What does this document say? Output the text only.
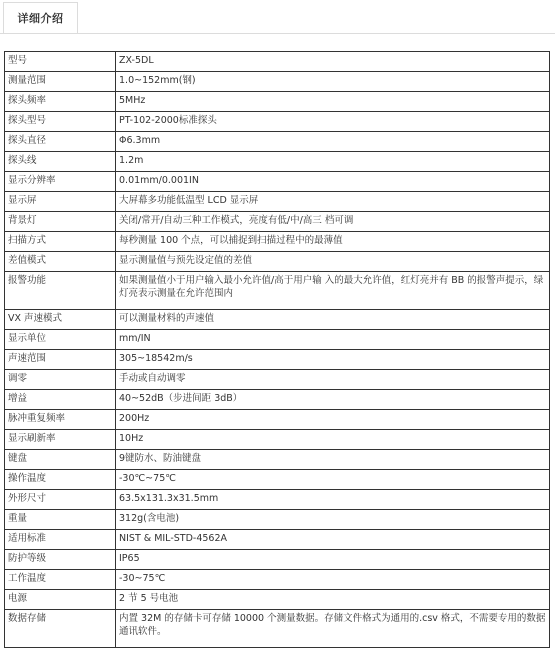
详细介绍
型号	ZX-5DL
测量范围	1.0~152mm(钢)
探头频率	5MHz
探头型号	PT-102-2000标准探头
探头直径	Φ6.3mm
探头线	1.2m
显示分辨率	0.01mm/0.001IN
显示屏	大屏幕多功能低温型 LCD 显示屏
背景灯	关闭/常开/自动三种工作模式，亮度有低/中/高三 档可调
扫描方式	每秒测量 100 个点，可以捕捉到扫描过程中的最薄值
差值模式	显示测量值与预先设定值的差值
报警功能	如果测量值小于用户输入最小允许值/高于用户输 入的最大允许值，红灯亮并有 BB 的报警声提示，绿灯亮表示测量在允许范围内
VX 声速模式	可以测量材料的声速值
显示单位	mm/IN
声速范围	305~18542m/s
调零	手动或自动调零
增益	40~52dB（步进间距 3dB）
脉冲重复频率	200Hz
显示刷新率	10Hz
键盘	9键防水、防油键盘
操作温度	-30℃~75℃
外形尺寸	63.5x131.3x31.5mm
重量	312g(含电池)
适用标准	NIST & MIL-STD-4562A
防护等级	IP65
工作温度	-30~75℃
电源	2 节 5 号电池
数据存储	内置 32M 的存储卡可存储 10000 个测量数据。存储文件格式为通用的.csv 格式，不需要专用的数据通讯软件。
